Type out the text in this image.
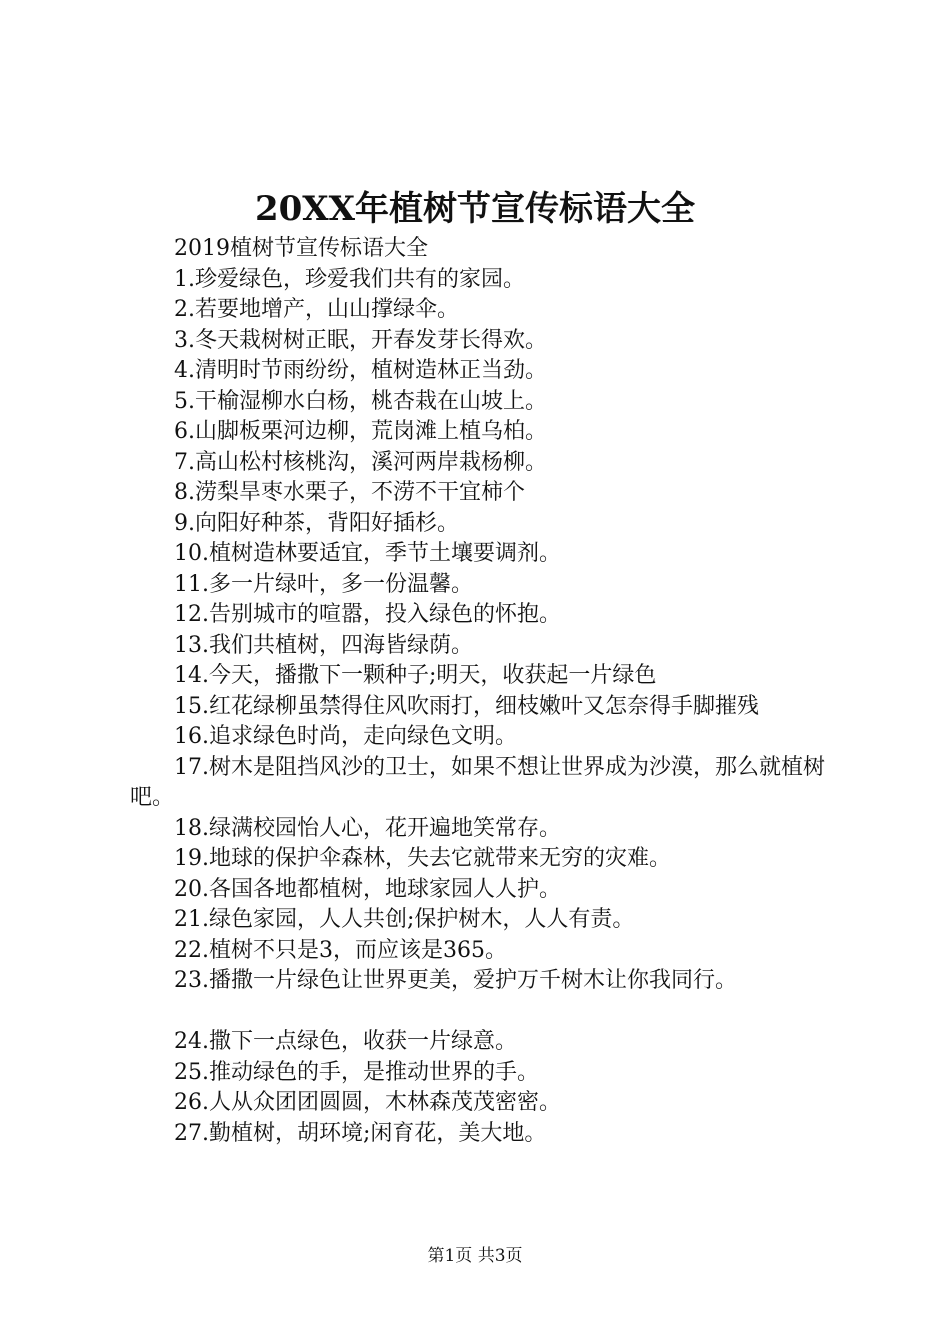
20XX年植树节宣传标语大全

2019植树节宣传标语大全

1.珍爱绿色，珍爱我们共有的家园。

2.若要地增产，山山撑绿伞。

3.冬天栽树树正眠，开春发芽长得欢。

4.清明时节雨纷纷，植树造林正当劲。

5.干榆湿柳水白杨，桃杏栽在山坡上。

6.山脚板栗河边柳，荒岗滩上植乌柏。

7.高山松村核桃沟，溪河两岸栽杨柳。

8.涝梨旱枣水栗子，不涝不干宜柿个

9.向阳好种茶，背阳好插杉。

10.植树造林要适宜，季节土壤要调剂。

11.多一片绿叶，多一份温馨。

12.告别城市的喧嚣，投入绿色的怀抱。

13.我们共植树，四海皆绿荫。

14.今天，播撒下一颗种子;明天，收获起一片绿色

15.红花绿柳虽禁得住风吹雨打，细枝嫩叶又怎奈得手脚摧残

16.追求绿色时尚，走向绿色文明。

17.树木是阻挡风沙的卫士，如果不想让世界成为沙漠，那么就植树吧。

18.绿满校园怡人心，花开遍地笑常存。

19.地球的保护伞森林，失去它就带来无穷的灾难。

20.各国各地都植树，地球家园人人护。

21.绿色家园，人人共创;保护树木，人人有责。

22.植树不只是3，而应该是365。

23.播撒一片绿色让世界更美，爱护万千树木让你我同行。

24.撒下一点绿色，收获一片绿意。

25.推动绿色的手，是推动世界的手。

26.人从众团团圆圆，木林森茂茂密密。

27.勤植树，胡环境;闲育花，美大地。

第1页 共3页
